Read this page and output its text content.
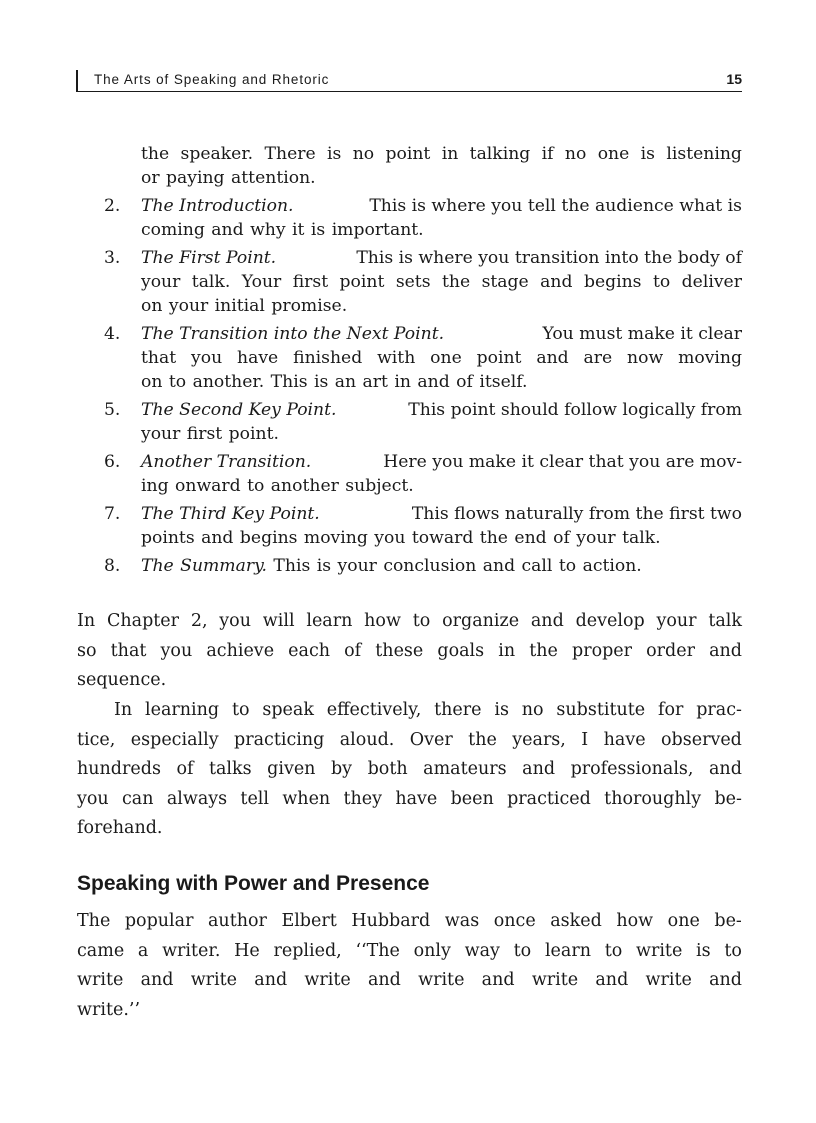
The Arts of Speaking and Rhetoric	15
the speaker. There is no point in talking if no one is listening
or paying attention.
2. The Introduction.	This is where you tell the audience what is
coming and why it is important.
3. The First Point.	This is where you transition into the body of
your talk. Your first point sets the stage and begins to deliver
on your initial promise.
4. The Transition into the Next Point.	You must make it clear
that you have finished with one point and are now moving
on to another. This is an art in and of itself.
5. The Second Key Point.	This point should follow logically from
your first point.
6. Another Transition.	Here you make it clear that you are mov-
ing onward to another subject.
7. The Third Key Point.	This flows naturally from the first two
points and begins moving you toward the end of your talk.
8. The Summary. This is your conclusion and call to action.
In Chapter 2, you will learn how to organize and develop your talk
so that you achieve each of these goals in the proper order and
sequence.
In learning to speak effectively, there is no substitute for prac-
tice, especially practicing aloud. Over the years, I have observed
hundreds of talks given by both amateurs and professionals, and
you can always tell when they have been practiced thoroughly be-
forehand.
Speaking with Power and Presence
The popular author Elbert Hubbard was once asked how one be-
came a writer. He replied, ‘‘The only way to learn to write is to
write and write and write and write and write and write and
write.’’
